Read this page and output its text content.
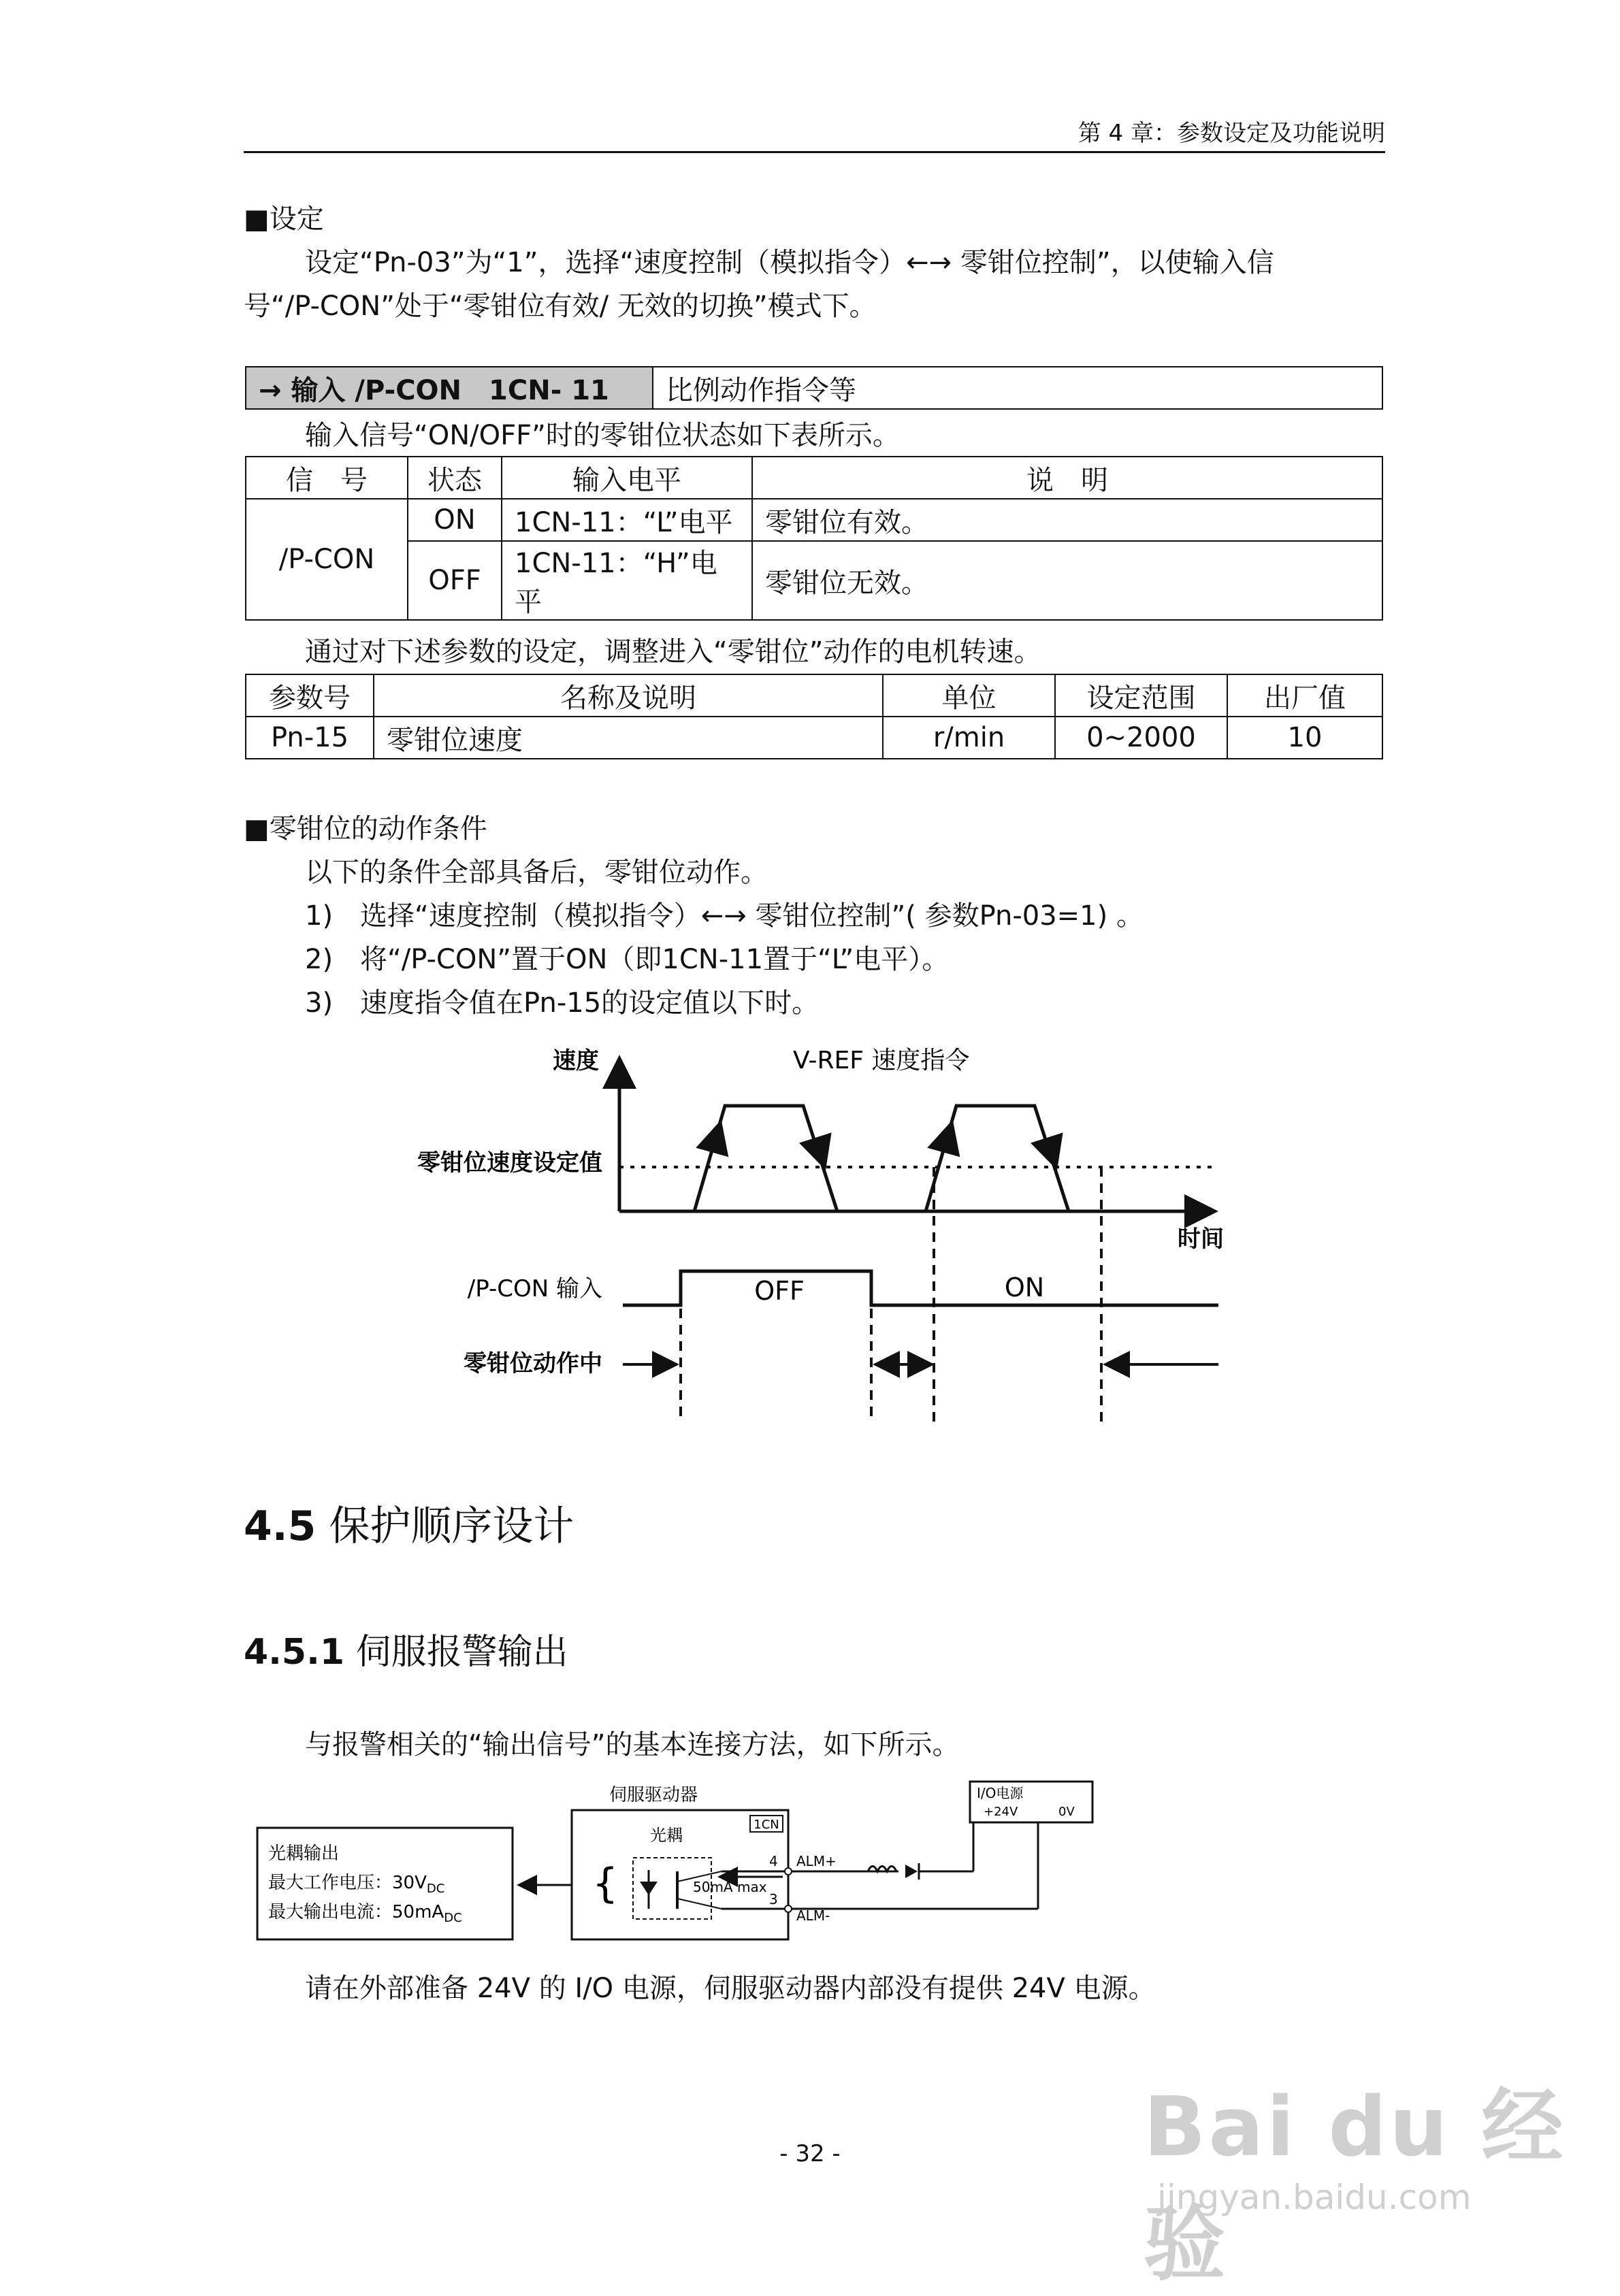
第 4 章：参数设定及功能说明
■设定
设定“Pn-03”为“1”，选择“速度控制（模拟指令）←→ 零钳位控制”，以使输入信
号“/P-CON”处于“零钳位有效/ 无效的切换”模式下。
→ 输入 /P-CON　1CN- 11	比例动作指令等
输入信号“ON/OFF”时的零钳位状态如下表所示。
信　号	状态	输入电平	说　明
/P-CON	ON	1CN-11：“L”电平	零钳位有效。
	OFF	1CN-11：“H”电平	零钳位无效。
通过对下述参数的设定，调整进入“零钳位”动作的电机转速。
参数号	名称及说明	单位	设定范围	出厂值
Pn-15	零钳位速度	r/min	0~2000	10
■零钳位的动作条件
以下的条件全部具备后，零钳位动作。
1)　选择“速度控制（模拟指令）←→ 零钳位控制”( 参数Pn-03=1) 。
2)　将“/P-CON”置于ON（即1CN-11置于“L”电平）。
3)　速度指令值在Pn-15的设定值以下时。
速度	V-REF 速度指令
零钳位速度设定值
时间
/P-CON 输入	OFF	ON
零钳位动作中
4.5 保护顺序设计
4.5.1 伺服报警输出
与报警相关的“输出信号”的基本连接方法，如下所示。
光耦输出
最大工作电压：$30V_{DC}$
最大输出电流：$50mA_{DC}$
伺服驱动器
1CN
光耦
{	50mA max
4
3
ALM+
ALM-
I/O电源
+24V	0V
请在外部准备 24V 的 I/O 电源，伺服驱动器内部没有提供 24V 电源。
- 32 -	Bai du 经验
jingyan.baidu.com
